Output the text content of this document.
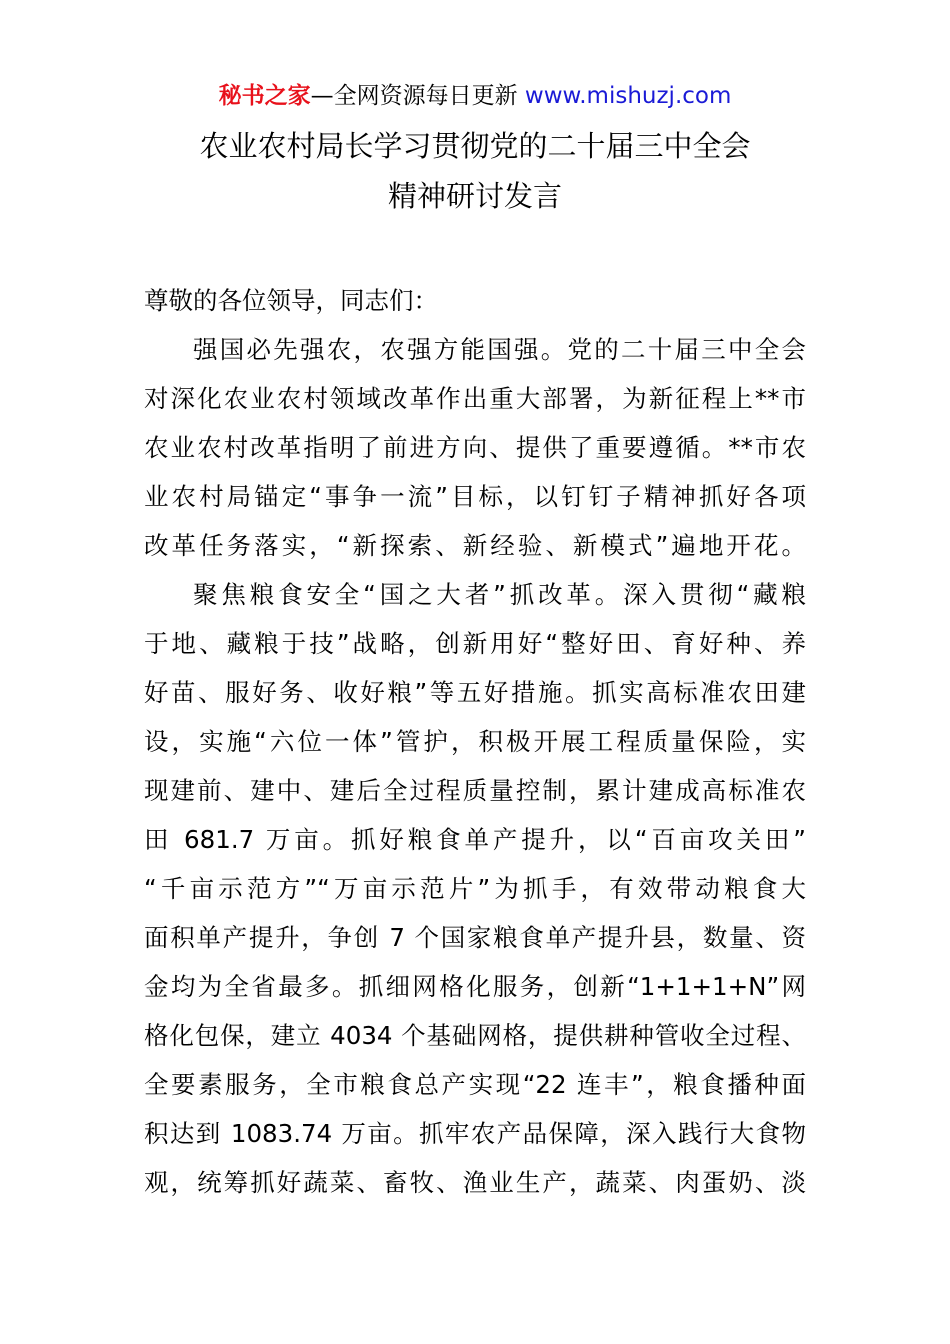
秘书之家—全网资源每日更新 www.mishuzj.com
农业农村局长学习贯彻党的二十届三中全会
精神研讨发言

尊敬的各位领导，同志们：

强国必先强农，农强方能国强。党的二十届三中全会
对深化农业农村领域改革作出重大部署，为新征程上**市
农业农村改革指明了前进方向、提供了重要遵循。**市农
业农村局锚定“事争一流”目标，以钉钉子精神抓好各项
改革任务落实，“新探索、新经验、新模式”遍地开花。
聚焦粮食安全“国之大者”抓改革。深入贯彻“藏粮
于地、藏粮于技”战略，创新用好“整好田、育好种、养
好苗、服好务、收好粮”等五好措施。抓实高标准农田建
设，实施“六位一体”管护，积极开展工程质量保险，实
现建前、建中、建后全过程质量控制，累计建成高标准农
田 681.7 万亩。抓好粮食单产提升，以“百亩攻关田”
“千亩示范方”“万亩示范片”为抓手，有效带动粮食大
面积单产提升，争创 7 个国家粮食单产提升县，数量、资
金均为全省最多。抓细网格化服务，创新“1+1+1+N”网
格化包保，建立 4034 个基础网格，提供耕种管收全过程、
全要素服务，全市粮食总产实现“22 连丰”，粮食播种面
积达到 1083.74 万亩。抓牢农产品保障，深入践行大食物
观，统筹抓好蔬菜、畜牧、渔业生产，蔬菜、肉蛋奶、淡
